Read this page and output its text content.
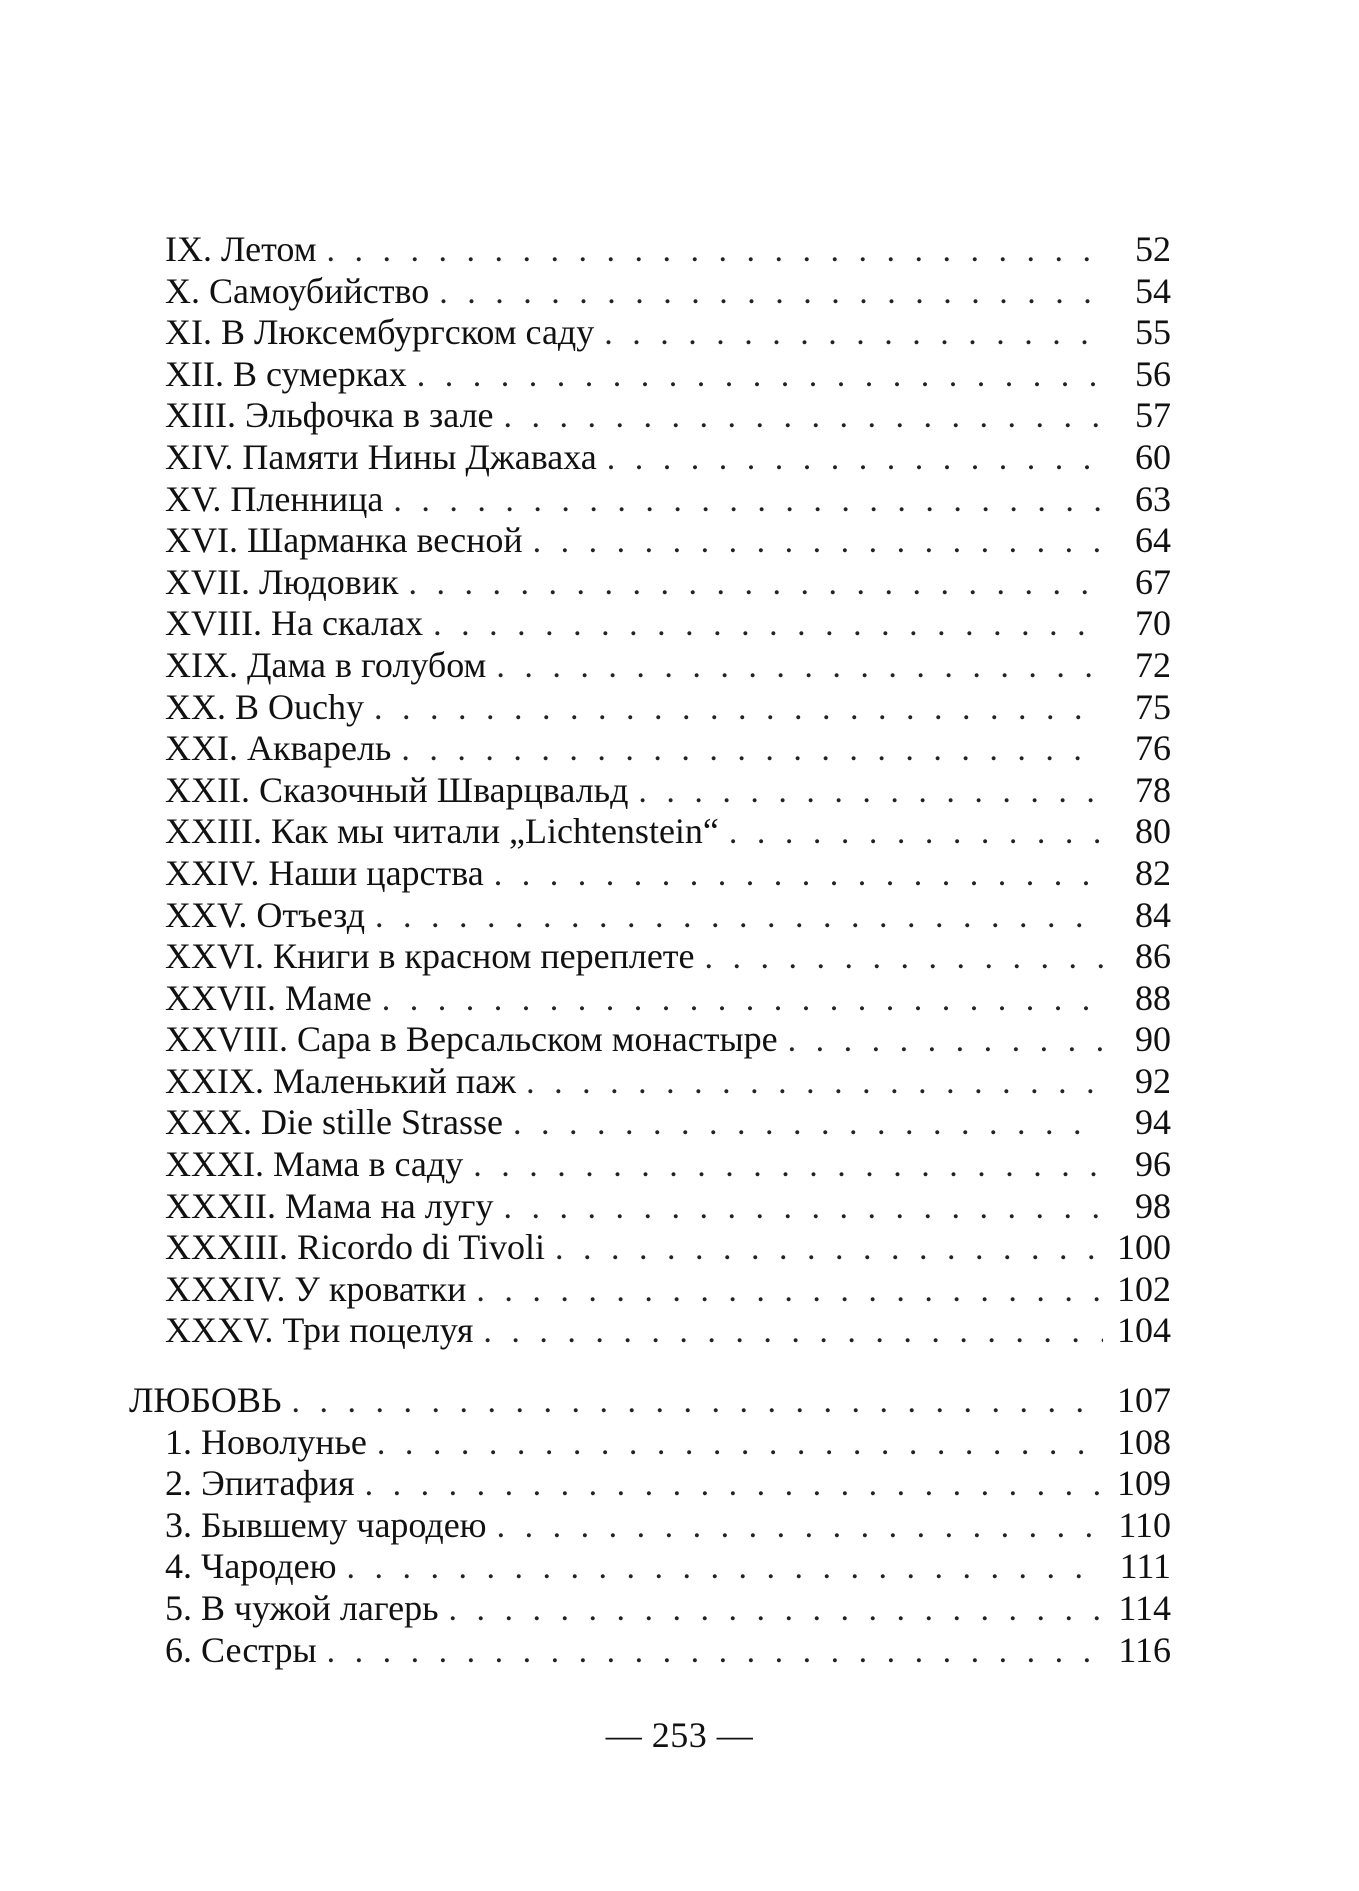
IX. Летом . . .	52
X. Самоубийство . . .	54
XI. В Люксембургском саду . . .	55
XII. В сумерках . . .	56
XIII. Эльфочка в зале . . .	57
XIV. Памяти Нины Джаваха . . .	60
XV. Пленница . . .	63
XVI. Шарманка весной . . .	64
XVII. Людовик . . .	67
XVIII. На скалах . . .	70
XIX. Дама в голубом . . .	72
XX. В Ouchy . . .	75
XXI. Акварель . . .	76
XXII. Сказочный Шварцвальд . . .	78
XXIII. Как мы читали „Lichtenstein“ . . .	80
XXIV. Наши царства . . .	82
XXV. Отъезд . . .	84
XXVI. Книги в красном переплете . . .	86
XXVII. Маме . . .	88
XXVIII. Сара в Версальском монастыре . . .	90
XXIX. Маленький паж . . .	92
XXX. Die stille Strasse . . .	94
XXXI. Мама в саду . . .	96
XXXII. Мама на лугу . . .	98
XXXIII. Ricordo di Tivoli . . .	100
XXXIV. У кроватки . . .	102
XXXV. Три поцелуя . . .	104
ЛЮБОВЬ . . .	107
1. Новолунье . . .	108
2. Эпитафия . . .	109
3. Бывшему чародею . . .	110
4. Чародею . . .	111
5. В чужой лагерь . . .	114
6. Сестры . . .	116
— 253 —
